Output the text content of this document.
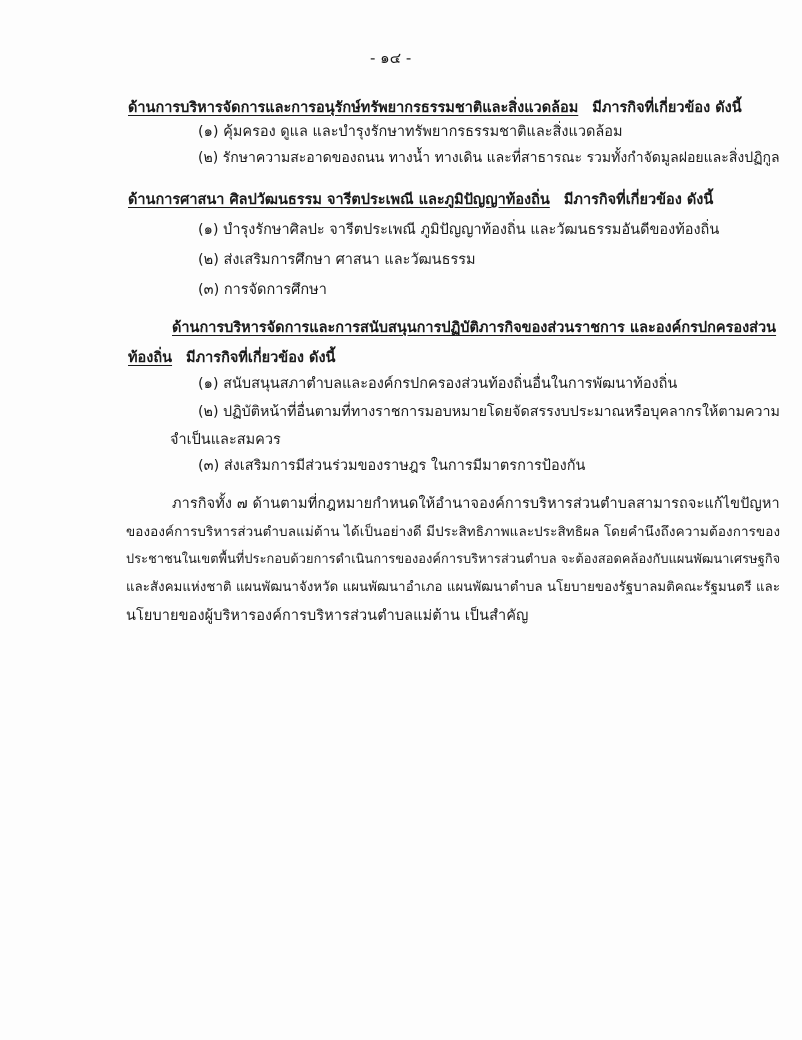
- ๑๔ -
ด้านการบริหารจัดการและการอนุรักษ์ทรัพยากรธรรมชาติและสิ่งแวดล้อม มีภารกิจที่เกี่ยวข้อง ดังนี้
(๑) คุ้มครอง ดูแล และบำรุงรักษาทรัพยากรธรรมชาติและสิ่งแวดล้อม
(๒) รักษาความสะอาดของถนน ทางน้ำ ทางเดิน และที่สาธารณะ รวมทั้งกำจัดมูลฝอยและสิ่งปฏิกูล
ด้านการศาสนา ศิลปวัฒนธรรม จารีตประเพณี และภูมิปัญญาท้องถิ่น มีภารกิจที่เกี่ยวข้อง ดังนี้
(๑) บำรุงรักษาศิลปะ จารีตประเพณี ภูมิปัญญาท้องถิ่น และวัฒนธรรมอันดีของท้องถิ่น
(๒) ส่งเสริมการศึกษา ศาสนา และวัฒนธรรม
(๓) การจัดการศึกษา
ด้านการบริหารจัดการและการสนับสนุนการปฏิบัติภารกิจของส่วนราชการ และองค์กรปกครองส่วน
ท้องถิ่น มีภารกิจที่เกี่ยวข้อง ดังนี้
(๑) สนับสนุนสภาตำบลและองค์กรปกครองส่วนท้องถิ่นอื่นในการพัฒนาท้องถิ่น
(๒) ปฏิบัติหน้าที่อื่นตามที่ทางราชการมอบหมายโดยจัดสรรงบประมาณหรือบุคลากรให้ตามความ
จำเป็นและสมควร
(๓) ส่งเสริมการมีส่วนร่วมของราษฎร ในการมีมาตรการป้องกัน
ภารกิจทั้ง ๗ ด้านตามที่กฎหมายกำหนดให้อำนาจองค์การบริหารส่วนตำบลสามารถจะแก้ไขปัญหา
ขององค์การบริหารส่วนตำบลแม่ต้าน ได้เป็นอย่างดี มีประสิทธิภาพและประสิทธิผล โดยคำนึงถึงความต้องการของ
ประชาชนในเขตพื้นที่ประกอบด้วยการดำเนินการขององค์การบริหารส่วนตำบล จะต้องสอดคล้องกับแผนพัฒนาเศรษฐกิจ
และสังคมแห่งชาติ แผนพัฒนาจังหวัด แผนพัฒนาอำเภอ แผนพัฒนาตำบล นโยบายของรัฐบาลมติคณะรัฐมนตรี และ
นโยบายของผู้บริหารองค์การบริหารส่วนตำบลแม่ต้าน เป็นสำคัญ
